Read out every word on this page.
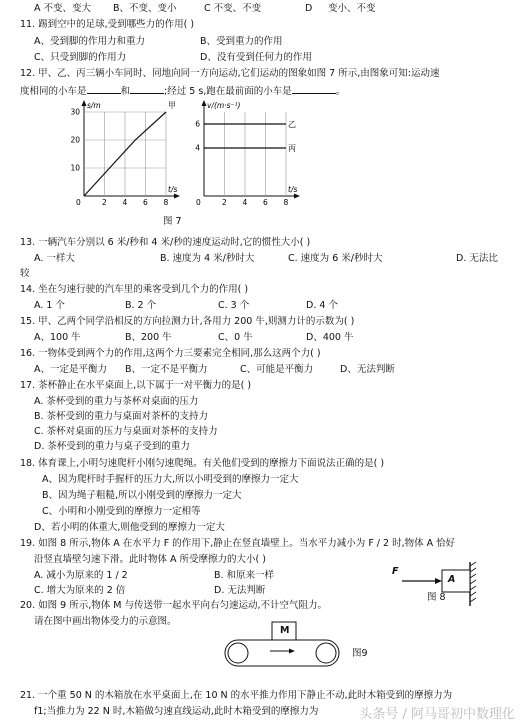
A 不变、变大 B、不变、变小	C 不变、不变	D 变小、不变
11. 踢到空中的足球,受到哪些力的作用( )
A、受到脚的作用力和重力	B、受到重力的作用
C、只受到脚的作用力	D、没有受到任何力的作用
12. 甲、乙、丙三辆小车同时、同地向同一方向运动,它们运动的图象如图 7 所示,由图象可知:运动速
度相同的小车是	和	;经过 5 s,跑在最前面的小车是	。
s/m
t/s
0	2 4 6 8
10
20
30
甲	v/(m·s⁻¹)
t/s
0	2 4 6 8
4
6	乙
丙
图 7
13. 一辆汽车分别以 6 米/秒和 4 米/秒的速度运动时,它的惯性大小( )
A. 一样大	B. 速度为 4 米/秒时大	C. 速度为 6 米/秒时大	D. 无法比
较
14. 坐在匀速行驶的汽车里的乘客受到几个力的作用( )
A. 1 个	B. 2 个	C. 3 个	D. 4 个
15. 甲、乙两个同学沿相反的方向拉测力计,各用力 200 牛,则测力计的示数为( )
A、100 牛	B、200 牛	C、0 牛	D、400 牛
16. 一物体受到两个力的作用,这两个力三要素完全相同,那么这两个力( )
A、一定是平衡力 B、一定不是平衡力	C、可能是平衡力	D、无法判断
17. 茶杯静止在水平桌面上,以下属于一对平衡力的是( )
A. 茶杯受到的重力与茶杯对桌面的压力
B. 茶杯受到的重力与桌面对茶杯的支持力
C. 茶杯对桌面的压力与桌面对茶杯的支持力
D. 茶杯受到的重力与桌子受到的重力
18. 体育课上,小明匀速爬杆小刚匀速爬绳。有关他们受到的摩擦力下面说法正确的是( )
A、因为爬杆时手握杆的压力大,所以小明受到的摩擦力一定大
B、因为绳子粗糙,所以小刚受到的摩擦力一定大
C、小明和小刚受到的摩擦力一定相等
D、若小明的体重大,则他受到的摩擦力一定大
19. 如图 8 所示,物体 A 在水平力 F 的作用下,静止在竖直墙壁上。当水平力减小为 F / 2 时,物体 A 恰好
沿竖直墙壁匀速下滑。此时物体 A 所受摩擦力的大小( )
A. 减小为原来的 1 / 2	B. 和原来一样
C. 增大为原来的 2 倍	D. 无法判断
F
A
图 8
20. 如图 9 所示,物体 M 与传送带一起水平向右匀速运动,不计空气阻力。
请在图中画出物体受力的示意图。
M
图9
21. 一个重 50 N 的木箱放在水平桌面上,在 10 N 的水平推力作用下静止不动,此时木箱受到的摩擦力为
f1;当推力为 22 N 时,木箱做匀速直线运动,此时木箱受到的摩擦力为	头条号 / 阿马哥初中数理化
